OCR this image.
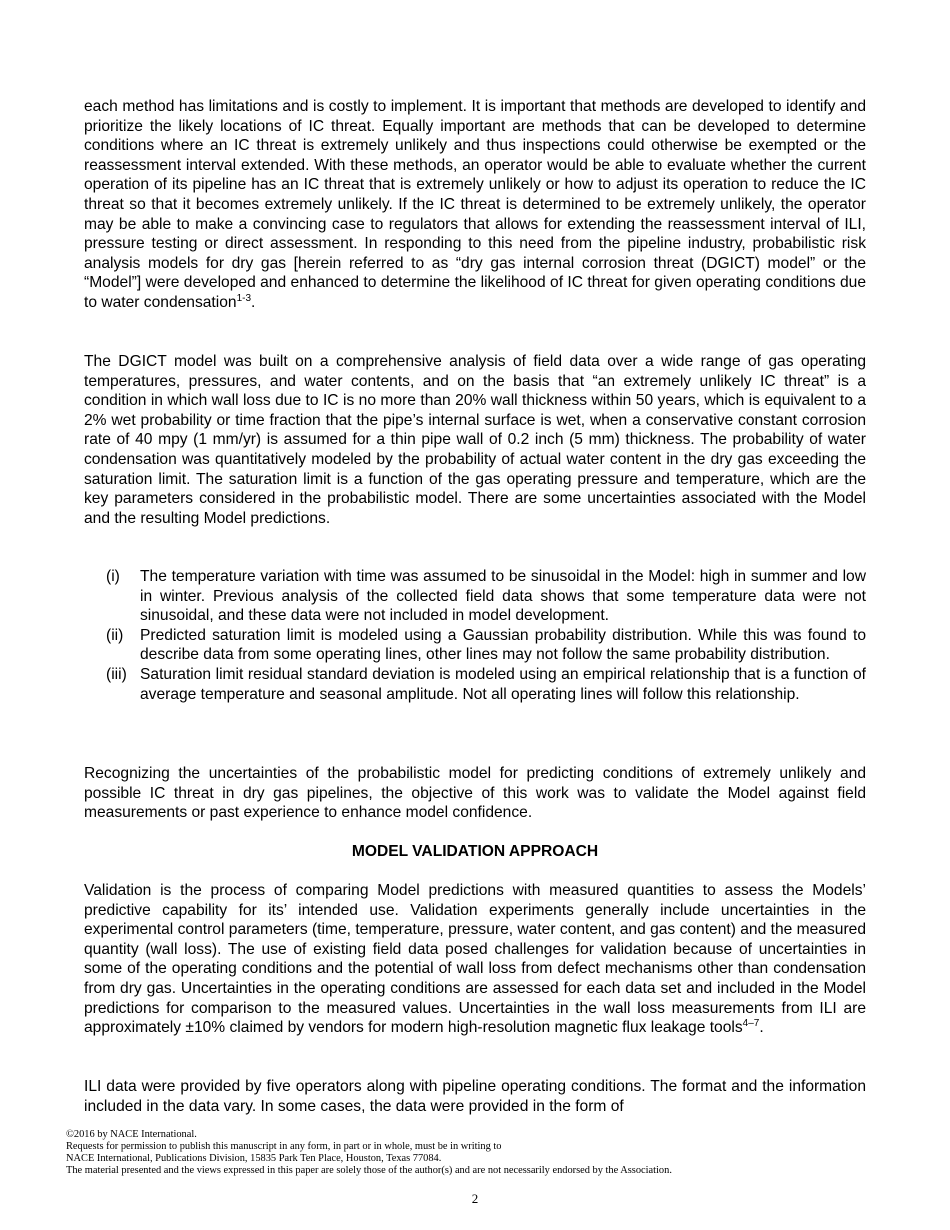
each method has limitations and is costly to implement. It is important that methods are developed to identify and prioritize the likely locations of IC threat. Equally important are methods that can be developed to determine conditions where an IC threat is extremely unlikely and thus inspections could otherwise be exempted or the reassessment interval extended. With these methods, an operator would be able to evaluate whether the current operation of its pipeline has an IC threat that is extremely unlikely or how to adjust its operation to reduce the IC threat so that it becomes extremely unlikely. If the IC threat is determined to be extremely unlikely, the operator may be able to make a convincing case to regulators that allows for extending the reassessment interval of ILI, pressure testing or direct assessment. In responding to this need from the pipeline industry, probabilistic risk analysis models for dry gas [herein referred to as “dry gas internal corrosion threat (DGICT) model” or the “Model”] were developed and enhanced to determine the likelihood of IC threat for given operating conditions due to water condensation$^{1-3}$.

The DGICT model was built on a comprehensive analysis of field data over a wide range of gas operating temperatures, pressures, and water contents, and on the basis that “an extremely unlikely IC threat” is a condition in which wall loss due to IC is no more than 20% wall thickness within 50 years, which is equivalent to a 2% wet probability or time fraction that the pipe’s internal surface is wet, when a conservative constant corrosion rate of 40 mpy (1 mm/yr) is assumed for a thin pipe wall of 0.2 inch (5 mm) thickness. The probability of water condensation was quantitatively modeled by the probability of actual water content in the dry gas exceeding the saturation limit. The saturation limit is a function of the gas operating pressure and temperature, which are the key parameters considered in the probabilistic model. There are some uncertainties associated with the Model and the resulting Model predictions.

(i)	The temperature variation with time was assumed to be sinusoidal in the Model: high in summer and low in winter. Previous analysis of the collected field data shows that some temperature data were not sinusoidal, and these data were not included in model development.
(ii)	Predicted saturation limit is modeled using a Gaussian probability distribution. While this was found to describe data from some operating lines, other lines may not follow the same probability distribution.
(iii) Saturation limit residual standard deviation is modeled using an empirical relationship that is a function of average temperature and seasonal amplitude. Not all operating lines will follow this relationship.

Recognizing the uncertainties of the probabilistic model for predicting conditions of extremely unlikely and possible IC threat in dry gas pipelines, the objective of this work was to validate the Model against field measurements or past experience to enhance model confidence.

MODEL VALIDATION APPROACH

Validation is the process of comparing Model predictions with measured quantities to assess the Models’ predictive capability for its’ intended use. Validation experiments generally include uncertainties in the experimental control parameters (time, temperature, pressure, water content, and gas content) and the measured quantity (wall loss). The use of existing field data posed challenges for validation because of uncertainties in some of the operating conditions and the potential of wall loss from defect mechanisms other than condensation from dry gas. Uncertainties in the operating conditions are assessed for each data set and included in the Model predictions for comparison to the measured values. Uncertainties in the wall loss measurements from ILI are approximately ±10% claimed by vendors for modern high-resolution magnetic flux leakage tools$^{4-7}$.

ILI data were provided by five operators along with pipeline operating conditions. The format and the information included in the data vary. In some cases, the data were provided in the form of

©2016 by NACE International.
Requests for permission to publish this manuscript in any form, in part or in whole, must be in writing to
NACE International, Publications Division, 15835 Park Ten Place, Houston, Texas 77084.
The material presented and the views expressed in this paper are solely those of the author(s) and are not necessarily endorsed by the Association.
2
